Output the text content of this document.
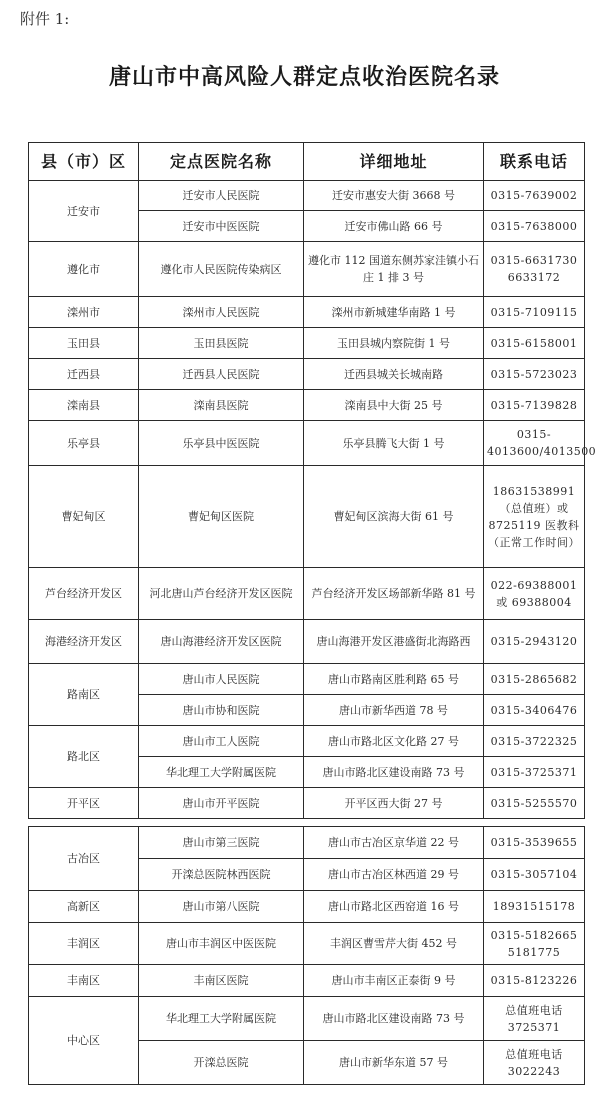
附件 1:
唐山市中高风险人群定点收治医院名录
县（市）区	定点医院名称	详细地址	联系电话
迁安市	迁安市人民医院	迁安市惠安大街 3668 号	0315-7639002
	迁安市中医医院	迁安市佛山路 66 号	0315-7638000
遵化市	遵化市人民医院传染病区	遵化市 112 国道东侧苏家洼镇小石庄 1 排 3 号	0315-6631730 6633172
滦州市	滦州市人民医院	滦州市新城建华南路 1 号	0315-7109115
玉田县	玉田县医院	玉田县城内察院街 1 号	0315-6158001
迁西县	迁西县人民医院	迁西县城关长城南路	0315-5723023
滦南县	滦南县医院	滦南县中大街 25 号	0315-7139828
乐亭县	乐亭县中医医院	乐亭县腾飞大街 1 号	0315-4013600/4013500
曹妃甸区	曹妃甸区医院	曹妃甸区滨海大街 61 号	18631538991（总值班）或 8725119 医教科（正常工作时间）
芦台经济开发区	河北唐山芦台经济开发区医院	芦台经济开发区场部新华路 81 号	022-69388001 或 69388004
海港经济开发区	唐山海港经济开发区医院	唐山海港开发区港盛街北海路西	0315-2943120
路南区	唐山市人民医院	唐山市路南区胜利路 65 号	0315-2865682
	唐山市协和医院	唐山市新华西道 78 号	0315-3406476
路北区	唐山市工人医院	唐山市路北区文化路 27 号	0315-3722325
	华北理工大学附属医院	唐山市路北区建设南路 73 号	0315-3725371
开平区	唐山市开平医院	开平区西大街 27 号	0315-5255570
古冶区	唐山市第三医院	唐山市古冶区京华道 22 号	0315-3539655
	开滦总医院林西医院	唐山市古冶区林西道 29 号	0315-3057104
高新区	唐山市第八医院	唐山市路北区西窑道 16 号	18931515178
丰润区	唐山市丰润区中医医院	丰润区曹雪芹大街 452 号	0315-5182665 5181775
丰南区	丰南区医院	唐山市丰南区正泰街 9 号	0315-8123226
中心区	华北理工大学附属医院	唐山市路北区建设南路 73 号	总值班电话 3725371
	开滦总医院	唐山市新华东道 57 号	总值班电话 3022243
